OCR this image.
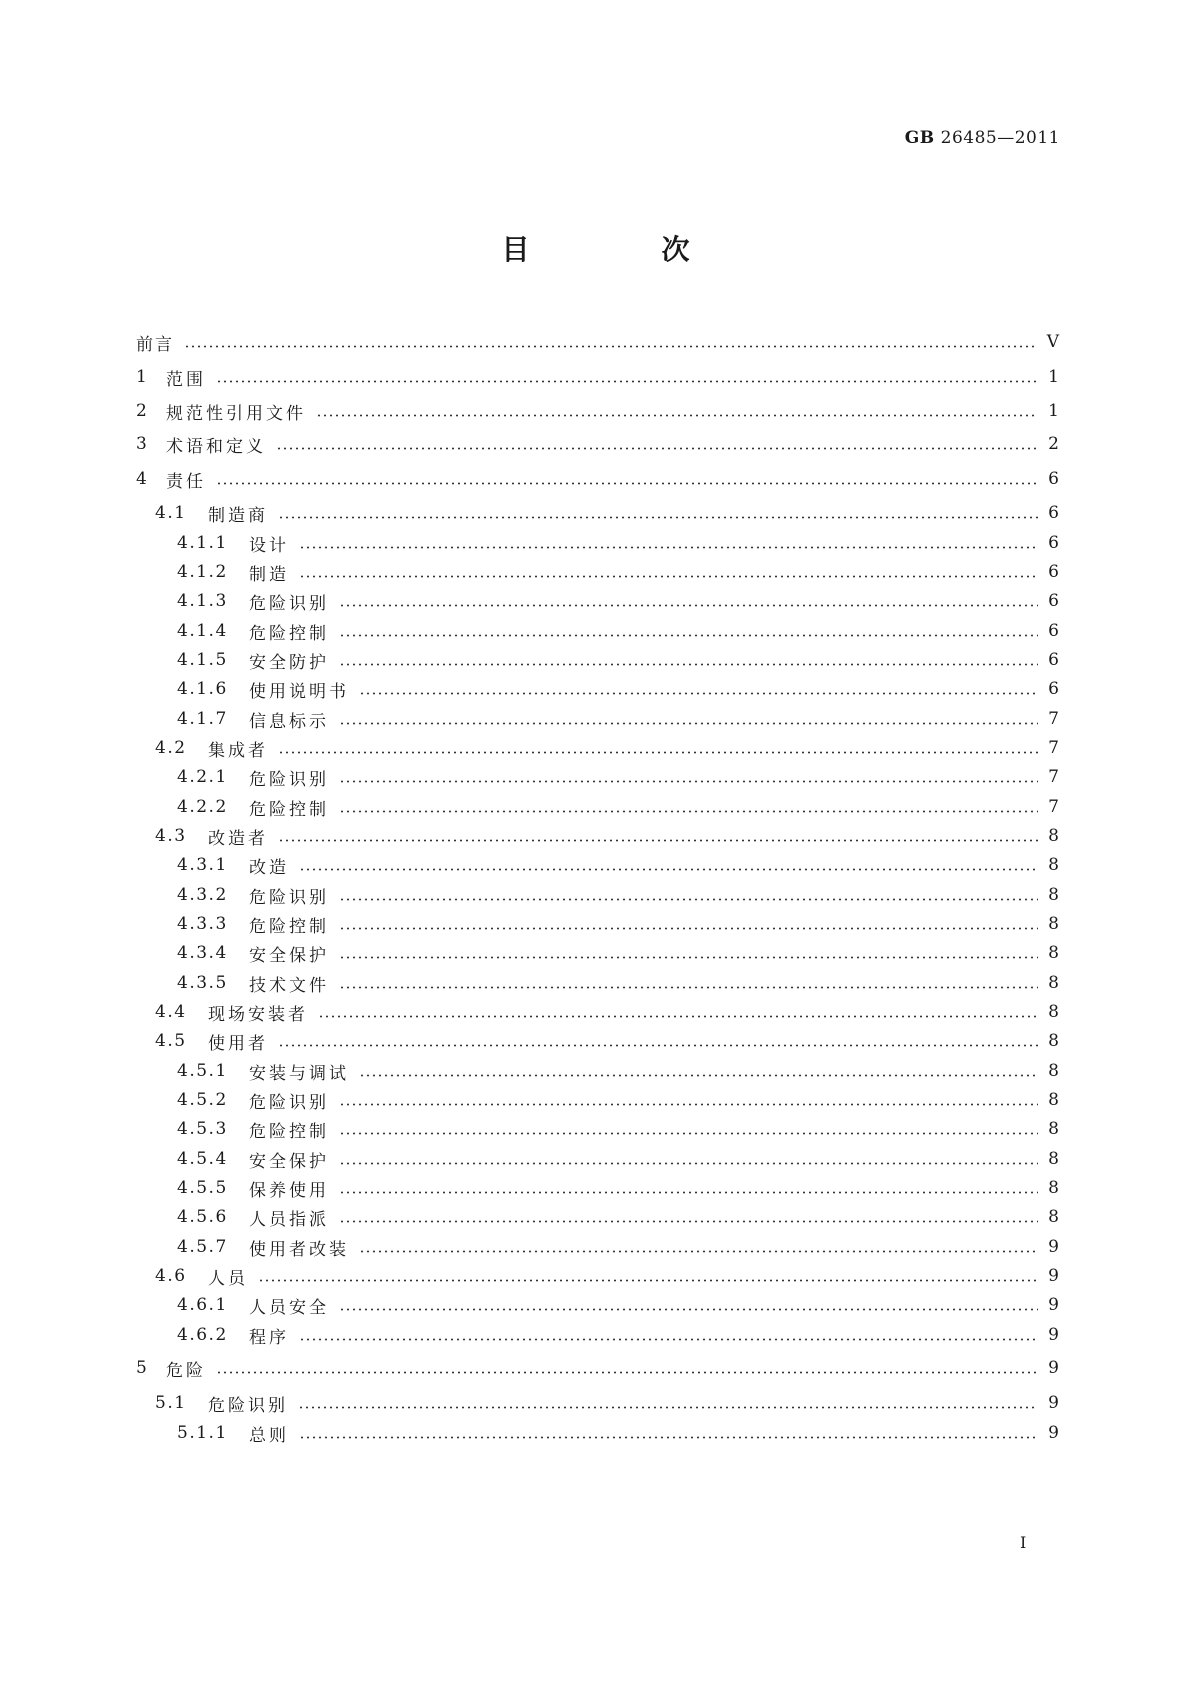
GB 26485—2011
目　次
前言	Ⅴ
1	范围	1
2	规范性引用文件	1
3	术语和定义	2
4	责任	6
4.1	制造商	6
4.1.1	设计	6
4.1.2	制造	6
4.1.3	危险识别	6
4.1.4	危险控制	6
4.1.5	安全防护	6
4.1.6	使用说明书	6
4.1.7	信息标示	7
4.2	集成者	7
4.2.1	危险识别	7
4.2.2	危险控制	7
4.3	改造者	8
4.3.1	改造	8
4.3.2	危险识别	8
4.3.3	危险控制	8
4.3.4	安全保护	8
4.3.5	技术文件	8
4.4	现场安装者	8
4.5	使用者	8
4.5.1	安装与调试	8
4.5.2	危险识别	8
4.5.3	危险控制	8
4.5.4	安全保护	8
4.5.5	保养使用	8
4.5.6	人员指派	8
4.5.7	使用者改装	9
4.6	人员	9
4.6.1	人员安全	9
4.6.2	程序	9
5	危险	9
5.1	危险识别	9
5.1.1	总则	9
Ⅰ
